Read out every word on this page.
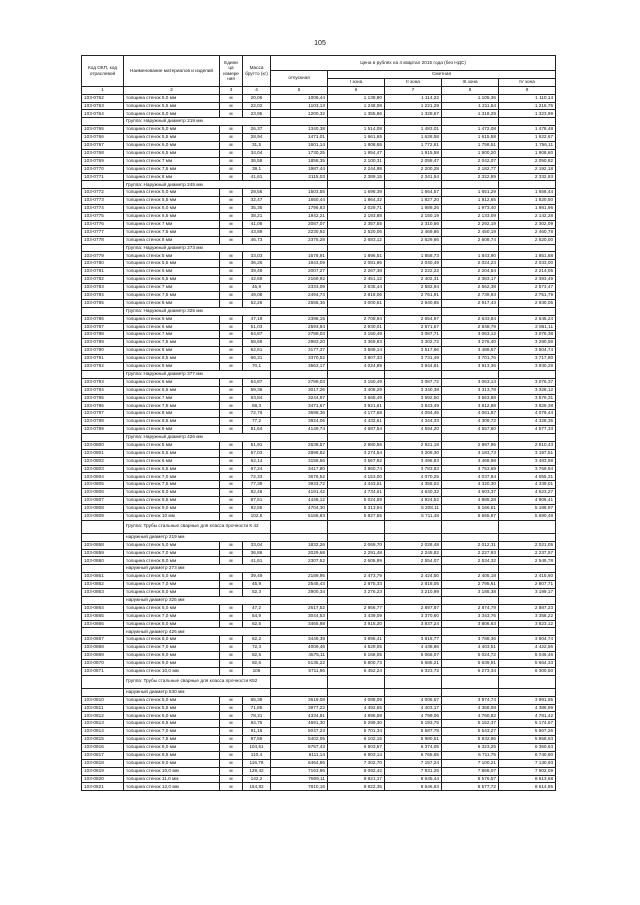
105
Код ОКП, код отраслевой	Наименование материалов и изделий	Едини ца измере ния	Масса брутто (кг)	Цена в рублях на 4 квартал 2015 года (без НДС)				
				отпускная	Сметная			
					I зона	II зона	III зона	IV зона
1	2	3	4	5	6	7	8	9
103-0762	толщина стенок 5,0 мм	м	20,06	1006,44	1 138,90	1 114,22	1 105,36	1 110,14
103-0763	толщина стенок 5,5 мм	м	22,02	1103,13	1 248,08	1 221,29	1 211,54	1 216,75
103-0764	толщина стенок 6,0 мм	м	23,95	1200,32	1 355,86	1 328,67	1 318,29	1 323,99
	Группа: Наружный диаметр 219 мм							
103-0765	толщина стенок 5,0 мм	м	26,37	1340,38	1 514,08	1 483,01	1 472,08	1 478,48
103-0766	толщина стенок 5,5 мм	м	28,94	1471,01	1 661,65	1 628,58	1 615,58	1 622,67
103-0767	толщина стенок 6,0 мм	м	31,5	1601,14	1 808,65	1 772,61	1 758,51	1 766,11
103-0768	толщина стенок 6,5 мм	м	34,04	1730,25	1 954,47	1 915,58	1 900,20	1 908,60
103-0769	толщина стенок 7 мм	м	36,58	1858,35	2 100,31	2 058,47	2 042,07	2 050,82
103-0770	толщина стенок 7,5 мм	м	39,1	1987,44	2 244,98	2 200,28	2 182,77	2 192,18
103-0771	толщина стенок 8 мм	м	41,61	2115,03	2 389,15	2 341,54	2 322,89	2 332,93
	Группа: Наружный диаметр 245 мм							
103-0772	толщина стенок 5,0 мм	м	29,56	1503,55	1 698,39	1 664,57	1 651,29	1 658,44
103-0773	толщина стенок 5,5 мм	м	32,47	1650,44	1 864,32	1 827,20	1 812,65	1 820,50
103-0774	толщина стенок 6,0 мм	м	35,35	1796,83	2 029,71	1 989,26	1 973,40	1 981,96
103-0775	толщина стенок 6,5 мм	м	38,21	1942,21	2 193,88	2 150,19	2 133,09	2 142,28
103-0776	толщина стенок 7 мм	м	41,06	2087,07	2 357,55	2 310,56	2 292,19	2 302,09
103-0777	толщина стенок 7,5 мм	м	43,89	2230,92	2 520,06	2 469,86	2 450,19	2 460,78
103-0778	толщина стенок 8 мм	м	46,73	2375,28	2 683,12	2 629,66	2 608,74	2 620,00
	Группа: Наружный диаметр 273 мм							
103-0779	толщина стенок 5 мм	м	33,03	1678,91	1 896,51	1 858,73	1 843,90	1 851,88
103-0780	толщина стенок 5,5 мм	м	36,26	1843,09	2 081,96	2 040,49	2 024,23	2 033,00
103-0781	толщина стенок 6 мм	м	39,49	2007,27	2 267,38	2 222,22	2 204,54	2 214,05
103-0782	толщина стенок 6,5 мм	м	42,69	2169,92	2 451,12	2 402,31	2 383,17	2 393,49
103-0783	толщина стенок 7 мм	м	45,9	2333,09	2 635,44	2 582,94	2 562,38	2 573,47
103-0784	толщина стенок 7,5 мм	м	49,08	2494,73	2 818,06	2 761,91	2 739,93	2 751,79
103-0785	толщина стенок 8 мм	м	52,26	2656,36	3 000,61	2 940,85	2 917,43	2 930,05
	Группа: Наружный диаметр 325 мм							
103-0786	толщина стенок 5 мм	м	47,18	2398,15	2 708,94	2 654,97	2 633,84	2 645,24
103-0787	толщина стенок 6 мм	м	51,03	2593,84	2 930,01	2 871,67	2 848,79	2 861,11
103-0788	толщина стенок 7 мм	м	54,87	2789,03	3 150,49	3 087,71	3 063,12	3 076,38
103-0789	толщина стенок 7,5 мм	м	58,69	2983,20	3 369,83	3 302,72	3 276,40	3 290,59
103-0790	толщина стенок 8 мм	м	62,51	3177,37	3 589,14	3 517,66	3 489,67	3 504,74
103-0791	толщина стенок 8,5 мм	м	66,31	3370,52	3 807,33	3 731,49	3 701,76	3 717,80
103-0792	толщина стенок 9 мм	м	70,1	3563,17	4 024,89	3 944,81	3 913,36	3 930,29
	Группа: Наружный диаметр 377 мм							
103-0793	толщина стенок 6 мм	м	54,87	2789,03	3 150,49	3 087,72	3 063,13	3 076,37
103-0794	толщина стенок 6,5 мм	м	59,36	3017,26	3 408,29	3 340,38	3 313,78	3 328,12
103-0795	толщина стенок 7 мм	м	63,84	3244,97	3 665,49	3 592,50	3 563,88	3 579,31
103-0796	толщина стенок 7,5 мм	м	68,3	3471,67	3 921,61	3 843,49	3 812,88	3 829,38
103-0797	толщина стенок 8 мм	м	72,76	3698,36	4 177,68	4 094,45	4 061,87	4 079,44
103-0798	толщина стенок 8,5 мм	м	77,2	3924,06	4 432,61	4 344,33	4 309,72	4 328,35
103-0799	толщина стенок 9 мм	м	81,64	4149,74	4 687,54	4 594,20	4 557,60	4 577,33
	Группа: Наружный диаметр 426 мм							
103-0800	толщина стенок 5 мм	м	51,91	2638,57	2 980,56	2 921,18	2 897,95	2 910,43
103-0801	толщина стенок 5,5 мм	м	57,03	2898,82	3 274,54	3 209,30	3 183,73	3 197,51
103-0802	толщина стенок 6 мм	м	62,14	3158,56	3 567,92	3 496,83	3 468,98	3 483,98
103-0803	толщина стенок 6,5 мм	м	67,24	3417,80	3 860,74	3 783,83	3 753,69	3 769,94
103-0804	толщина стенок 7,0 мм	м	72,33	3676,52	4 153,00	4 070,25	4 037,84	4 055,31
103-0805	толщина стенок 7,5 мм	м	77,39	3933,72	4 443,51	4 355,02	4 320,30	4 339,01
103-0806	толщина стенок 8,0 мм	м	82,46	4191,42	4 734,61	4 640,32	4 603,37	4 623,27
103-0807	толщина стенок 8,5 мм	м	87,51	4448,12	5 024,59	4 924,52	4 885,28	4 906,41
103-0808	толщина стенок 9,0 мм	м	92,55	4704,30	5 313,94	5 208,11	5 166,61	5 188,97
103-0809	толщина стенок 10 мм	м	102,6	5158,83	5 827,55	5 711,48	5 665,97	5 690,48
	Группа: Трубы стальные сварные для класса прочности К 42							
	наружный диаметр 219 мм							
103-0858	толщина стенок 5,0 мм	м	33,04	1832,26	2 069,70	2 028,48	2 012,31	2 021,05
103-0859	толщина стенок 7,0 мм	м	36,86	2029,68	2 291,48	2 245,82	2 227,93	2 237,57
103-0860	толщина стенок 8,0 мм	м	41,61	2307,52	2 606,99	2 554,07	2 534,32	2 545,78
	наружный диаметр 273 мм							
103-0861	толщина стенок 6,0 мм	м	39,49	2189,95	2 473,79	2 424,50	2 405,18	2 415,60
103-0862	толщина стенок 7,0 мм	м	45,9	2545,43	2 875,33	2 818,05	2 795,61	2 807,71
103-0863	толщина стенок 8,0 мм	м	52,3	2900,34	3 276,23	3 210,99	3 185,38	3 199,17
	наружный диаметр 325 мм							
103-0864	толщина стенок 6,0 мм	м	47,2	2617,52	2 956,77	2 897,87	2 874,79	2 887,23
103-0865	толщина стенок 7,0 мм	м	54,9	3044,53	3 439,09	3 370,60	3 343,76	3 358,22
103-0866	толщина стенок 8,0 мм	м	62,5	3465,98	3 915,20	3 837,24	3 806,63	3 823,12
	наружный диаметр 426 мм							
103-0867	толщина стенок 6,0 мм	м	62,2	3449,38	3 896,41	3 818,77	3 788,36	3 804,74
103-0868	толщина стенок 7,0 мм	м	72,3	4009,46	4 529,05	4 438,86	4 403,51	4 422,56
103-0869	толщина стенок 8,0 мм	м	82,5	4575,11	5 168,05	5 065,07	5 024,72	5 046,46
103-0870	толщина стенок 9,0 мм	м	92,6	5135,22	5 800,73	5 685,21	5 639,91	5 664,33
103-0871	толщина стенок 10,0 мм	м	106	5711,96	6 452,24	6 323,72	6 273,34	6 300,50
	Группа: Трубы стальные сварные для класса прочности К52							
	наружный диаметр 530 мм							
103-0810	толщина стенок 5,0 мм	м	65,38	3619,08	4 088,09	4 006,67	3 974,74	3 991,95
103-0811	толщина стенок 5,5 мм	м	71,85	3977,22	4 492,65	4 403,17	4 368,08	4 386,99
103-0812	толщина стенок 6,0 мм	м	78,31	4334,81	4 896,58	4 799,06	4 760,82	4 781,42
103-0813	толщина стенок 6,5 мм	м	84,75	4691,30	5 299,30	5 193,75	5 152,37	5 174,67
103-0814	толщина стенок 7,0 мм	м	91,18	5047,23	5 701,34	5 587,78	5 543,27	5 567,26
103-0815	толщина стенок 7,5 мм	м	97,59	5402,05	6 102,15	5 980,61	5 932,96	5 958,63
103-0816	толщина стенок 8,0 мм	м	104,61	5757,43	6 503,57	6 374,05	6 323,25	6 350,63
103-0817	толщина стенок 8,5 мм	м	110,4	6111,14	6 903,14	6 765,65	6 711,75	6 740,80
103-0818	толщина стенок 9,0 мм	м	116,78	6464,86	7 302,70	7 157,24	7 100,21	7 130,93
103-0819	толщина стенок 10,0 мм	м	129,42	7163,96	8 092,42	7 931,25	7 868,07	7 902,09
103-0820	толщина стенок 11,0 мм	м	142,2	7809,11	8 821,17	8 645,44	8 576,57	8 613,68
103-0821	толщина стенок 12,0 мм	м	154,82	7810,16	8 822,35	8 646,63	8 577,72	8 614,85
